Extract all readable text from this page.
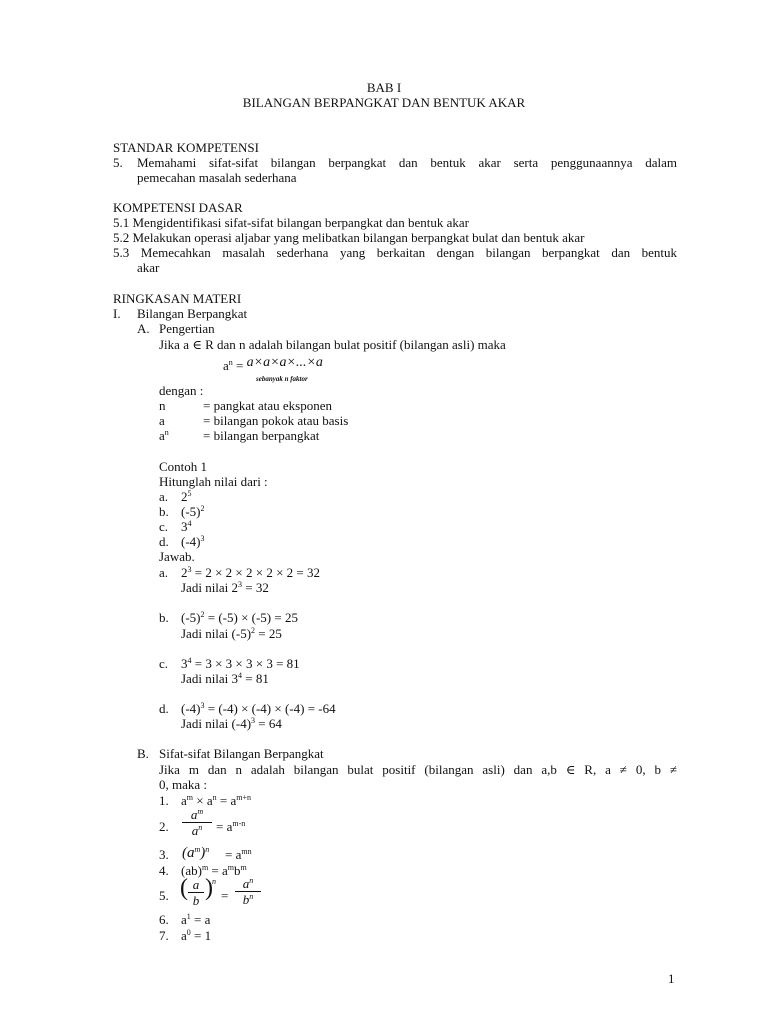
BAB I
BILANGAN BERPANGKAT DAN BENTUK AKAR
STANDAR KOMPETENSI
5. Memahami sifat-sifat bilangan berpangkat dan bentuk akar serta penggunaannya dalam
pemecahan masalah sederhana
KOMPETENSI DASAR
5.1 Mengidentifikasi sifat-sifat bilangan berpangkat dan bentuk akar
5.2 Melakukan operasi aljabar yang melibatkan bilangan berpangkat bulat dan bentuk akar
5.3 Memecahkan masalah sederhana yang berkaitan dengan bilangan berpangkat dan bentuk
akar
RINGKASAN MATERI
I. Bilangan Berpangkat
A. Pengertian
Jika a ∈ R dan n adalah bilangan bulat positif (bilangan asli) maka
$a^n = a\times a\times a\times...\times a$
sebanyak n faktor
dengan :
n	= pangkat atau eksponen
a	= bilangan pokok atau basis
$a^n$	= bilangan berpangkat
Contoh 1
Hitunglah nilai dari :
a. $2^5$
b. $(-5)^2$
c. $3^4$
d. $(-4)^3$
Jawab.
a. $2^3 = 2 \times 2 \times 2 \times 2 \times 2 = 32$
Jadi nilai $2^3 = 32$
b. $(-5)^2 = (-5) \times (-5) = 25$
Jadi nilai $(-5)^2 = 25$
c. $3^4 = 3 \times 3 \times 3 \times 3 = 81$
Jadi nilai $3^4 = 81$
d. $(-4)^3 = (-4) \times (-4) \times (-4) = -64$
Jadi nilai $(-4)^3 = 64$
B. Sifat-sifat Bilangan Berpangkat
Jika m dan n adalah bilangan bulat positif (bilangan asli) dan a,b ∈ R, a ≠ 0, b ≠
0, maka :
1. $a^m \times a^n = a^{m+n}$
2.
$a^m$
$a^n$	= $a^{m-n}$
3. $(a^m)^n = a^{mn}$
4. $(ab)^m = a^mb^m$
5. ( a
b ) n
=
$a^n$
$b^n$
6. $a^1 = a$
7. $a^0 = 1$
1
